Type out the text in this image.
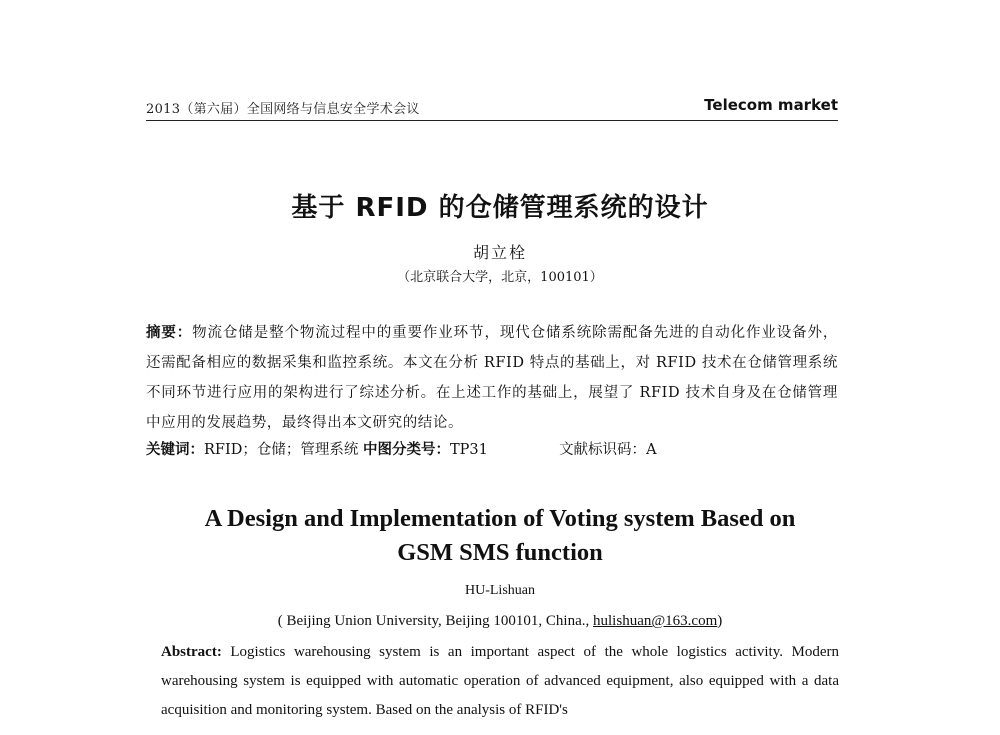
2013（第六届）全国网络与信息安全学术会议	Telecom market
基于 RFID 的仓储管理系统的设计
胡立栓
（北京联合大学，北京，100101）
摘要：物流仓储是整个物流过程中的重要作业环节，现代仓储系统除需配备先进的自动化作业设备外，还需配备相应的数据采集和监控系统。本文在分析 RFID 特点的基础上，对 RFID 技术在仓储管理系统不同环节进行应用的架构进行了综述分析。在上述工作的基础上，展望了 RFID 技术自身及在仓储管理中应用的发展趋势，最终得出本文研究的结论。
关键词：RFID；仓储；管理系统 中图分类号：TP31	文献标识码：A
A Design and Implementation of Voting system Based on
GSM SMS function
HU-Lishuan
( Beijing Union University, Beijing 100101, China., hulishuan@163.com)
Abstract: Logistics warehousing system is an important aspect of the whole logistics activity. Modern warehousing system is equipped with automatic operation of advanced equipment, also equipped with a data acquisition and monitoring system. Based on the analysis of RFID's
